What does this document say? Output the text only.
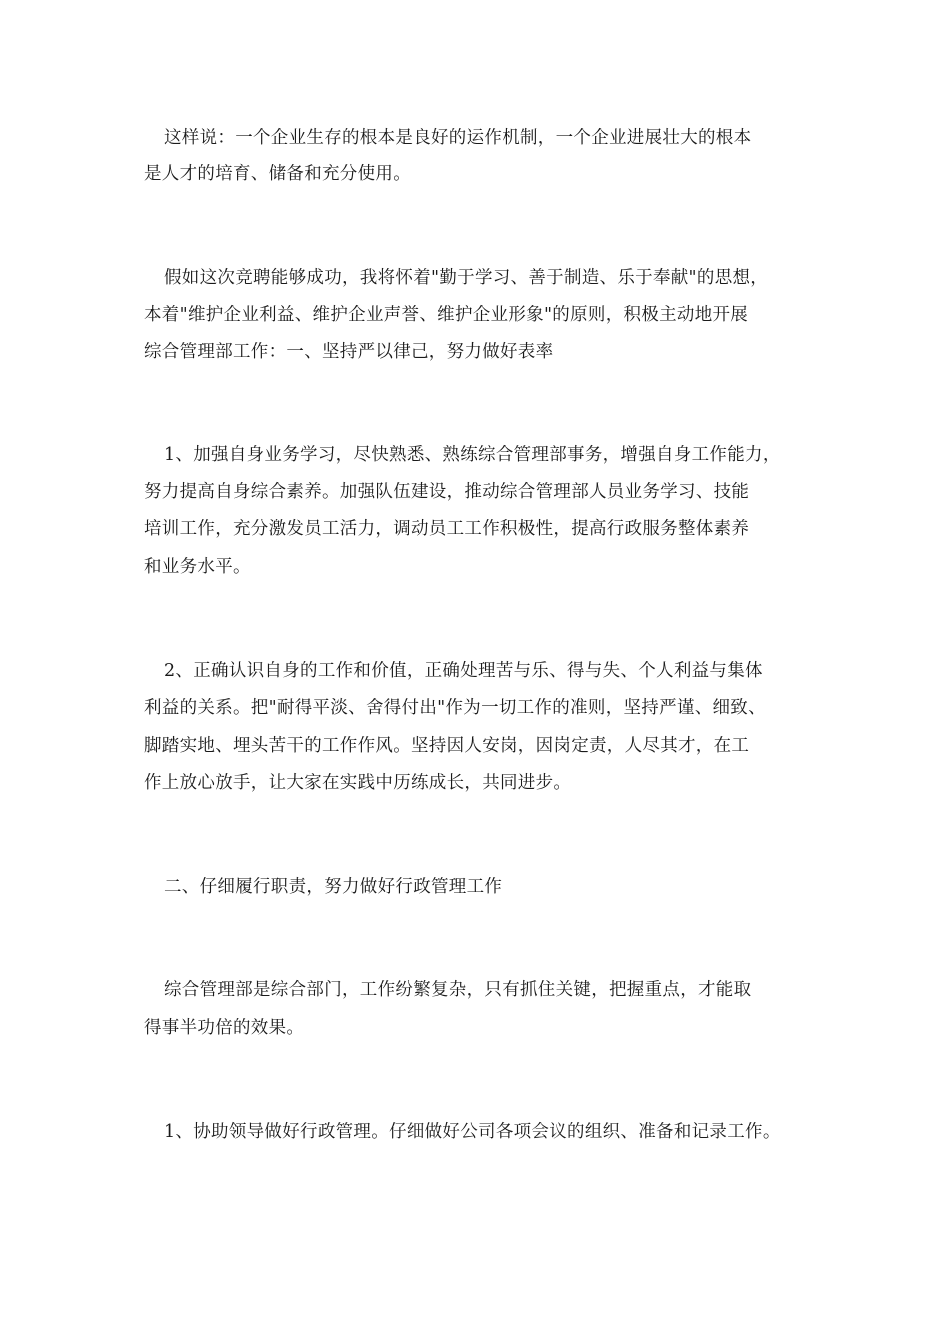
这样说：一个企业生存的根本是良好的运作机制，一个企业进展壮大的根本

是人才的培育、储备和充分使用。

假如这次竞聘能够成功，我将怀着"勤于学习、善于制造、乐于奉献"的思想，

本着"维护企业利益、维护企业声誉、维护企业形象"的原则，积极主动地开展

综合管理部工作：一、坚持严以律己，努力做好表率

1、加强自身业务学习，尽快熟悉、熟练综合管理部事务，增强自身工作能力，

努力提高自身综合素养。加强队伍建设，推动综合管理部人员业务学习、技能

培训工作，充分激发员工活力，调动员工工作积极性，提高行政服务整体素养

和业务水平。

2、正确认识自身的工作和价值，正确处理苦与乐、得与失、个人利益与集体

利益的关系。把"耐得平淡、舍得付出"作为一切工作的准则，坚持严谨、细致、

脚踏实地、埋头苦干的工作作风。坚持因人安岗，因岗定责，人尽其才，在工

作上放心放手，让大家在实践中历练成长，共同进步。

二、仔细履行职责，努力做好行政管理工作

综合管理部是综合部门，工作纷繁复杂，只有抓住关键，把握重点，才能取

得事半功倍的效果。

1、协助领导做好行政管理。仔细做好公司各项会议的组织、准备和记录工作。
